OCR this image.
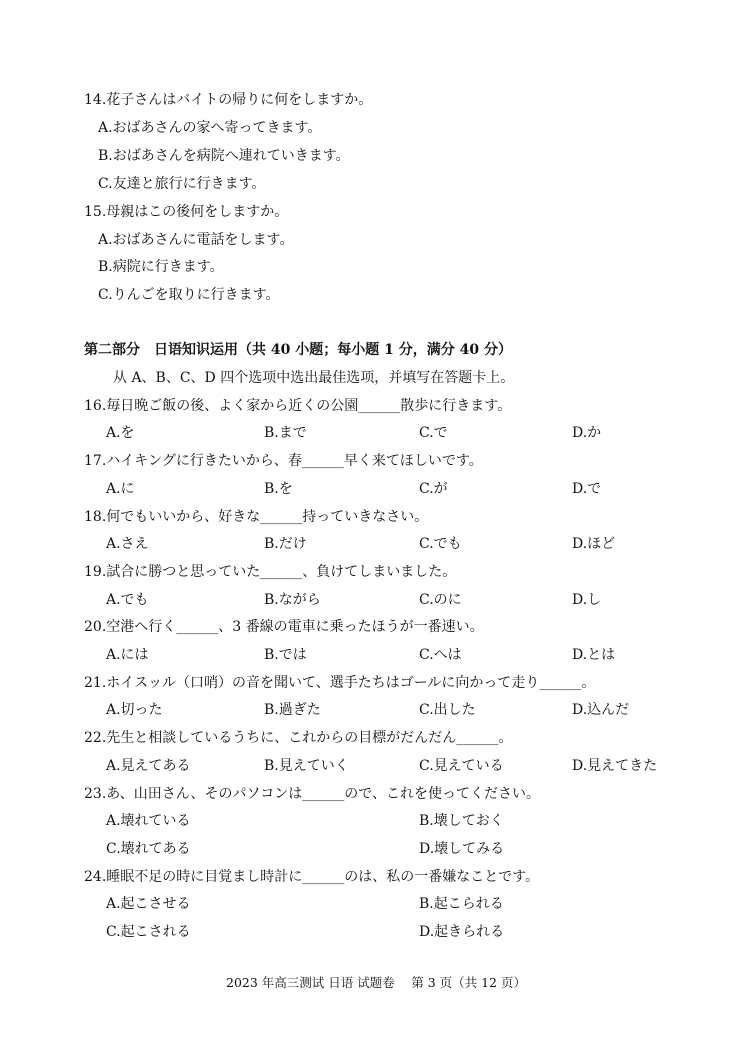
14.花子さんはバイトの帰りに何をしますか。
A.おばあさんの家へ寄ってきます。
B.おばあさんを病院へ連れていきます。
C.友達と旅行に行きます。
15.母親はこの後何をしますか。
A.おばあさんに電話をします。
B.病院に行きます。
C.りんごを取りに行きます。
第二部分　日语知识运用（共 40 小题；每小题 1 分，满分 40 分）
从 A、B、C、D 四个选项中选出最佳选项，并填写在答题卡上。
16.毎日晩ご飯の後、よく家から近くの公園______散歩に行きます。
A.を	B.まで	C.で	D.か
17.ハイキングに行きたいから、春______早く来てほしいです。
A.に	B.を	C.が	D.で
18.何でもいいから、好きな______持っていきなさい。
A.さえ	B.だけ	C.でも	D.ほど
19.試合に勝つと思っていた______、負けてしまいました。
A.でも	B.ながら	C.のに	D.し
20.空港へ行く______、3 番線の電車に乗ったほうが一番速い。
A.には	B.では	C.へは	D.とは
21.ホイスッル（口哨）の音を聞いて、選手たちはゴールに向かって走り______。
A.切った	B.過ぎた	C.出した	D.込んだ
22.先生と相談しているうちに、これからの目標がだんだん______。
A.見えてある	B.見えていく	C.見えている	D.見えてきた
23.あ、山田さん、そのパソコンは______ので、これを使ってください。
A.壊れている	B.壊しておく
C.壊れてある	D.壊してみる
24.睡眠不足の時に目覚まし時計に______のは、私の一番嫌なことです。
A.起こさせる	B.起こられる
C.起こされる	D.起きられる
2023 年高三测试 日语 试题卷　 第 3 页（共 12 页）
